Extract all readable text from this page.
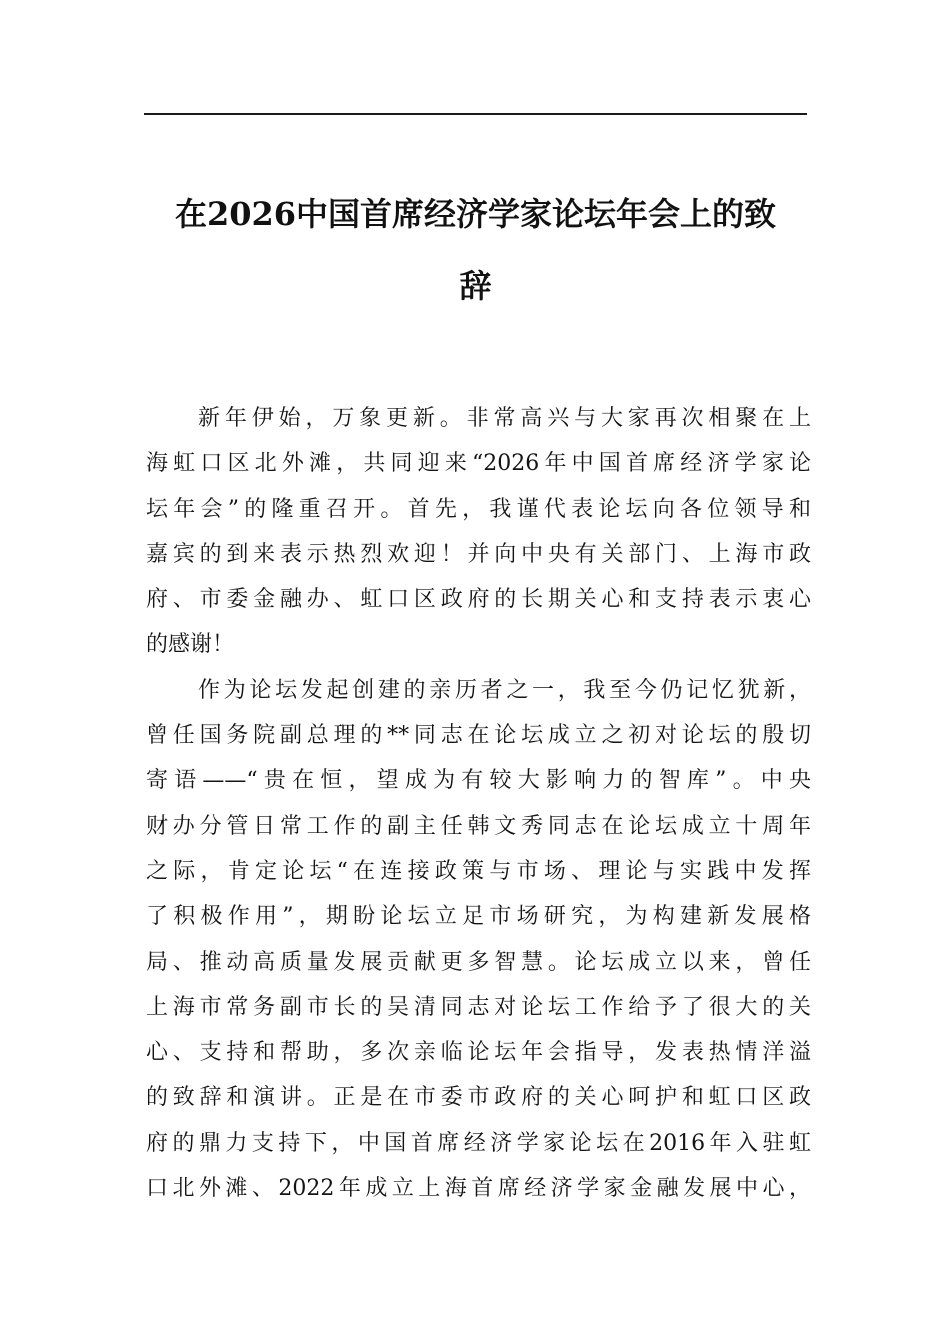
在2026中国首席经济学家论坛年会上的致
辞
新年伊始，万象更新。非常高兴与大家再次相聚在上
海虹口区北外滩，共同迎来“2026年中国首席经济学家论
坛年会”的隆重召开。首先，我谨代表论坛向各位领导和
嘉宾的到来表示热烈欢迎！并向中央有关部门、上海市政
府、市委金融办、虹口区政府的长期关心和支持表示衷心
的感谢！
作为论坛发起创建的亲历者之一，我至今仍记忆犹新，
曾任国务院副总理的**同志在论坛成立之初对论坛的殷切
寄语——“贵在恒，望成为有较大影响力的智库”。中央
财办分管日常工作的副主任韩文秀同志在论坛成立十周年
之际，肯定论坛“在连接政策与市场、理论与实践中发挥
了积极作用”，期盼论坛立足市场研究，为构建新发展格
局、推动高质量发展贡献更多智慧。论坛成立以来，曾任
上海市常务副市长的吴清同志对论坛工作给予了很大的关
心、支持和帮助，多次亲临论坛年会指导，发表热情洋溢
的致辞和演讲。正是在市委市政府的关心呵护和虹口区政
府的鼎力支持下，中国首席经济学家论坛在2016年入驻虹
口北外滩、2022年成立上海首席经济学家金融发展中心，
